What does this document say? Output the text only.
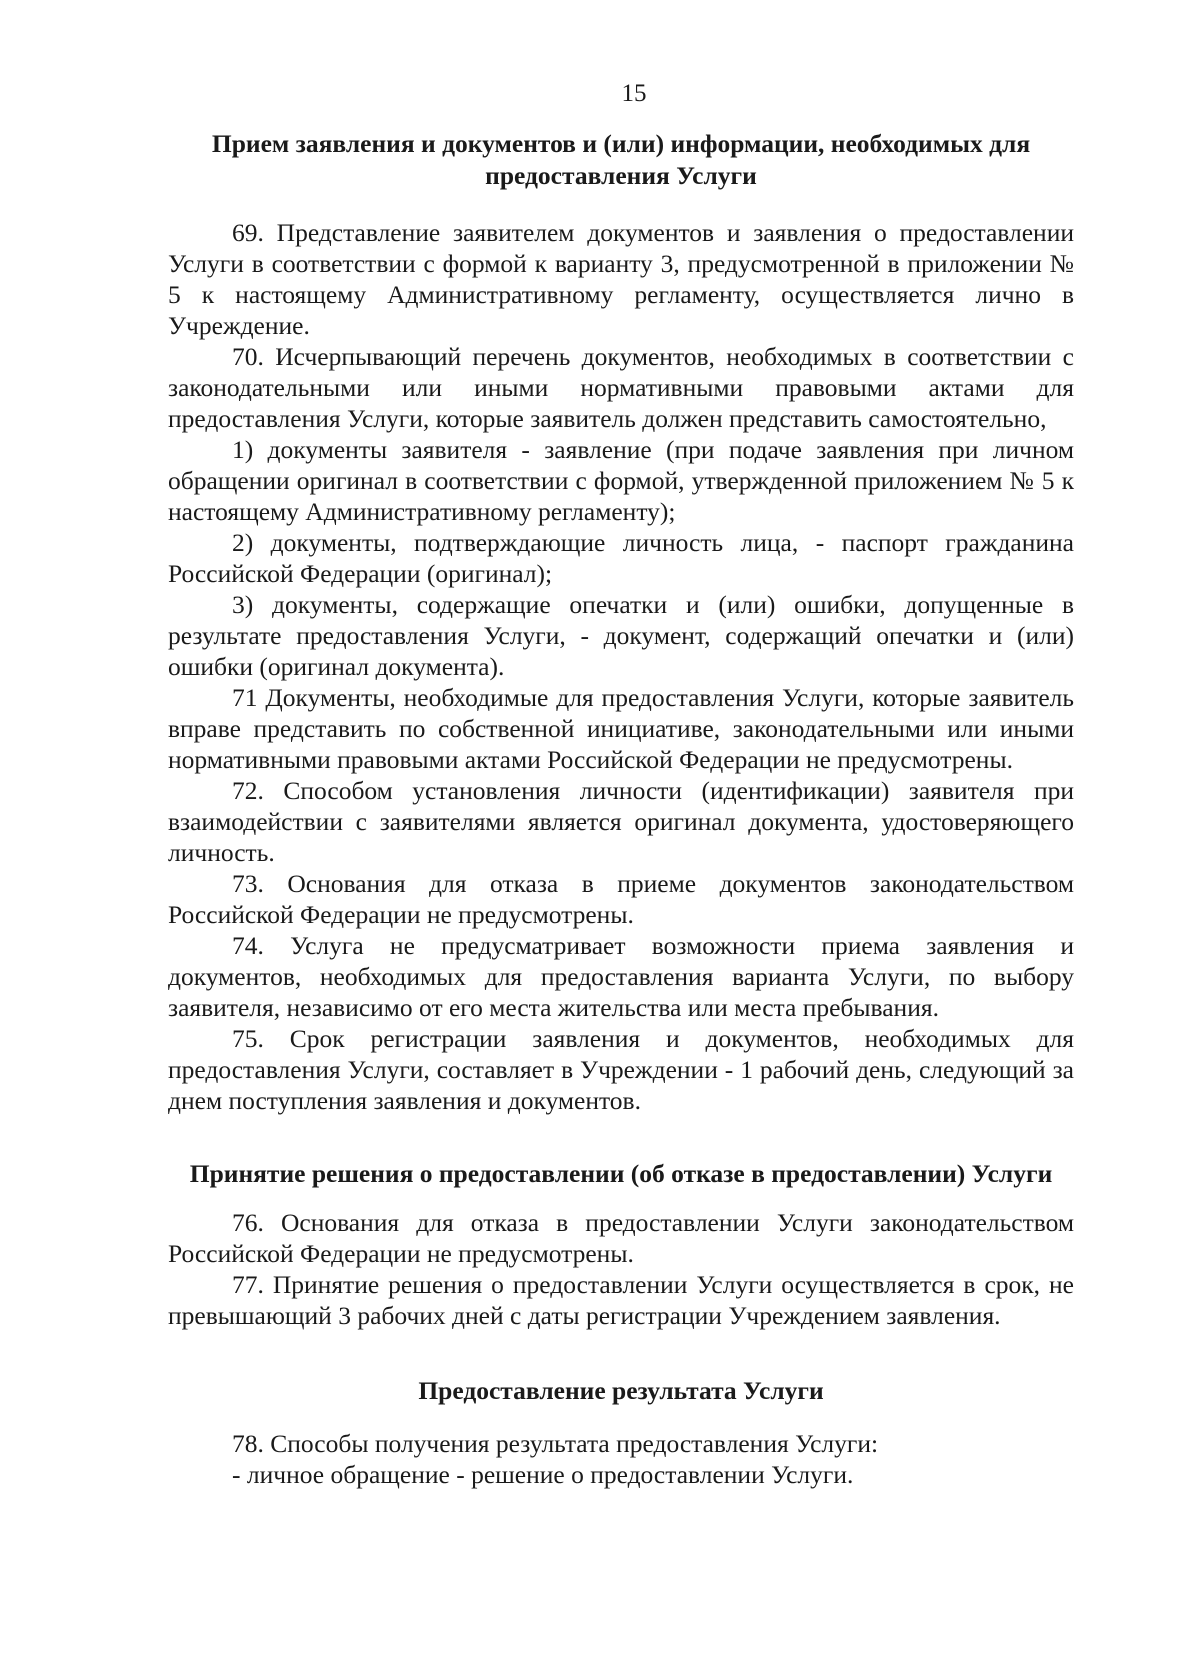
15
Прием заявления и документов и (или) информации, необходимых для предоставления Услуги

69. Представление заявителем документов и заявления о предоставлении Услуги в соответствии с формой к варианту 3, предусмотренной в приложении № 5 к настоящему Административному регламенту, осуществляется лично в Учреждение.

70. Исчерпывающий перечень документов, необходимых в соответствии с законодательными или иными нормативными правовыми актами для предоставления Услуги, которые заявитель должен представить самостоятельно,

1) документы заявителя - заявление (при подаче заявления при личном обращении оригинал в соответствии с формой, утвержденной приложением № 5 к настоящему Административному регламенту);

2) документы, подтверждающие личность лица, - паспорт гражданина Российской Федерации (оригинал);

3) документы, содержащие опечатки и (или) ошибки, допущенные в результате предоставления Услуги, - документ, содержащий опечатки и (или) ошибки (оригинал документа).

71 Документы, необходимые для предоставления Услуги, которые заявитель вправе представить по собственной инициативе, законодательными или иными нормативными правовыми актами Российской Федерации не предусмотрены.

72. Способом установления личности (идентификации) заявителя при взаимодействии с заявителями является оригинал документа, удостоверяющего личность.

73. Основания для отказа в приеме документов законодательством Российской Федерации не предусмотрены.

74. Услуга не предусматривает возможности приема заявления и документов, необходимых для предоставления варианта Услуги, по выбору заявителя, независимо от его места жительства или места пребывания.

75. Срок регистрации заявления и документов, необходимых для предоставления Услуги, составляет в Учреждении - 1 рабочий день, следующий за днем поступления заявления и документов.

Принятие решения о предоставлении (об отказе в предоставлении) Услуги

76. Основания для отказа в предоставлении Услуги законодательством Российской Федерации не предусмотрены.

77. Принятие решения о предоставлении Услуги осуществляется в срок, не превышающий 3 рабочих дней с даты регистрации Учреждением заявления.

Предоставление результата Услуги

78. Способы получения результата предоставления Услуги:

- личное обращение - решение о предоставлении Услуги.
